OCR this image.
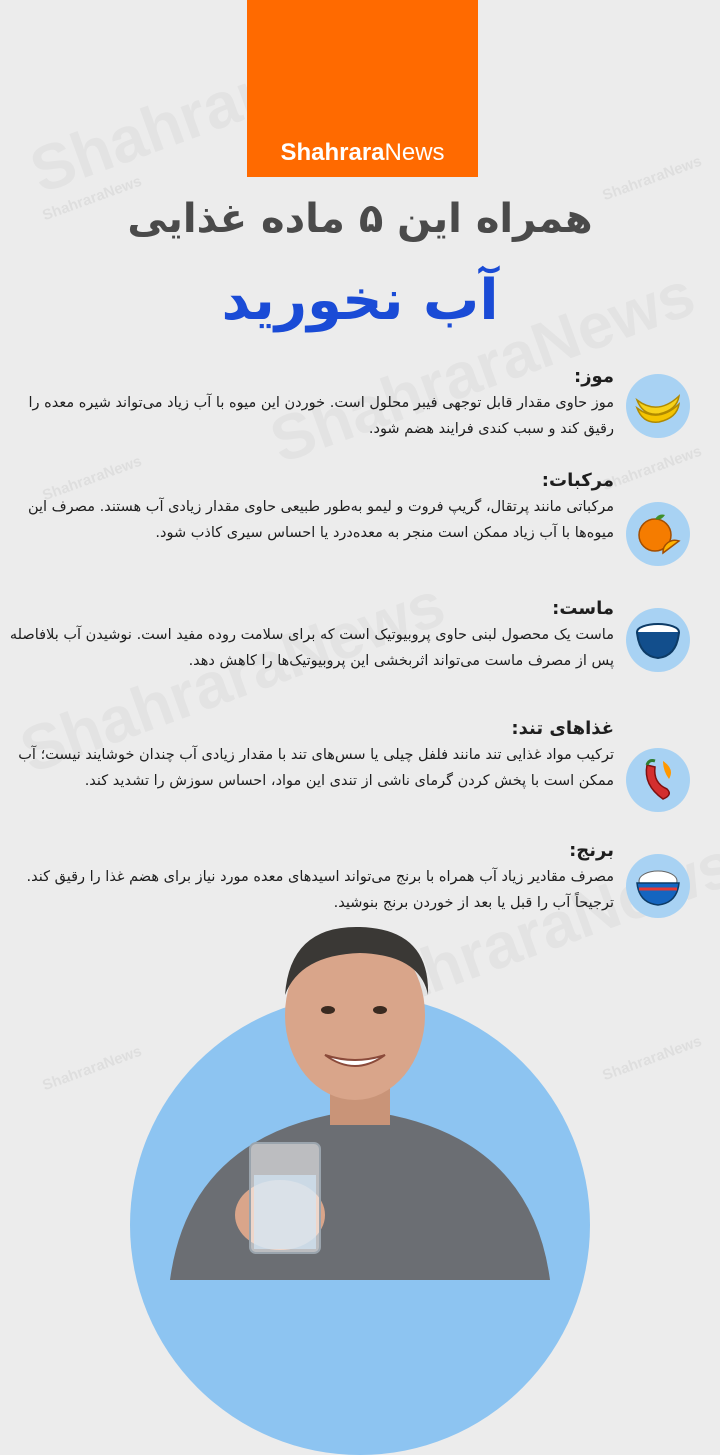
ShahraraNews	ShahraraNews
ShahraraNews	ShahraraNews
ShahraraNews	ShahraraNews
ShahraraNews
همراه این ۵ ماده غذایی
آب نخورید
موز:
موز حاوی مقدار قابل توجهی فیبر محلول است. خوردن این میوه با آب زیاد می‌تواند شیره معده را رقیق کند و سبب کندی فرایند هضم شود.
مرکبات:
مرکباتی مانند پرتقال، گریپ فروت و لیمو به‌طور طبیعی حاوی مقدار زیادی آب هستند. مصرف این میوه‌ها با آب زیاد ممکن است منجر به معده‌درد یا احساس سیری کاذب شود.
ماست:
ماست یک محصول لبنی حاوی پروبیوتیک است که برای سلامت روده مفید است. نوشیدن آب بلافاصله پس از مصرف ماست می‌تواند اثربخشی این پروبیوتیک‌ها را کاهش دهد.
غذاهای تند:
ترکیب مواد غذایی تند مانند فلفل چیلی یا سس‌های تند با مقدار زیادی آب چندان خوشایند نیست؛ آب ممکن است با پخش کردن گرمای ناشی از تندی این مواد، احساس سوزش را تشدید کند.
برنج:
مصرف مقادیر زیاد آب همراه با برنج می‌تواند اسیدهای معده مورد نیاز برای هضم غذا را رقیق کند. ترجیحاً آب را قبل یا بعد از خوردن برنج بنوشید.
